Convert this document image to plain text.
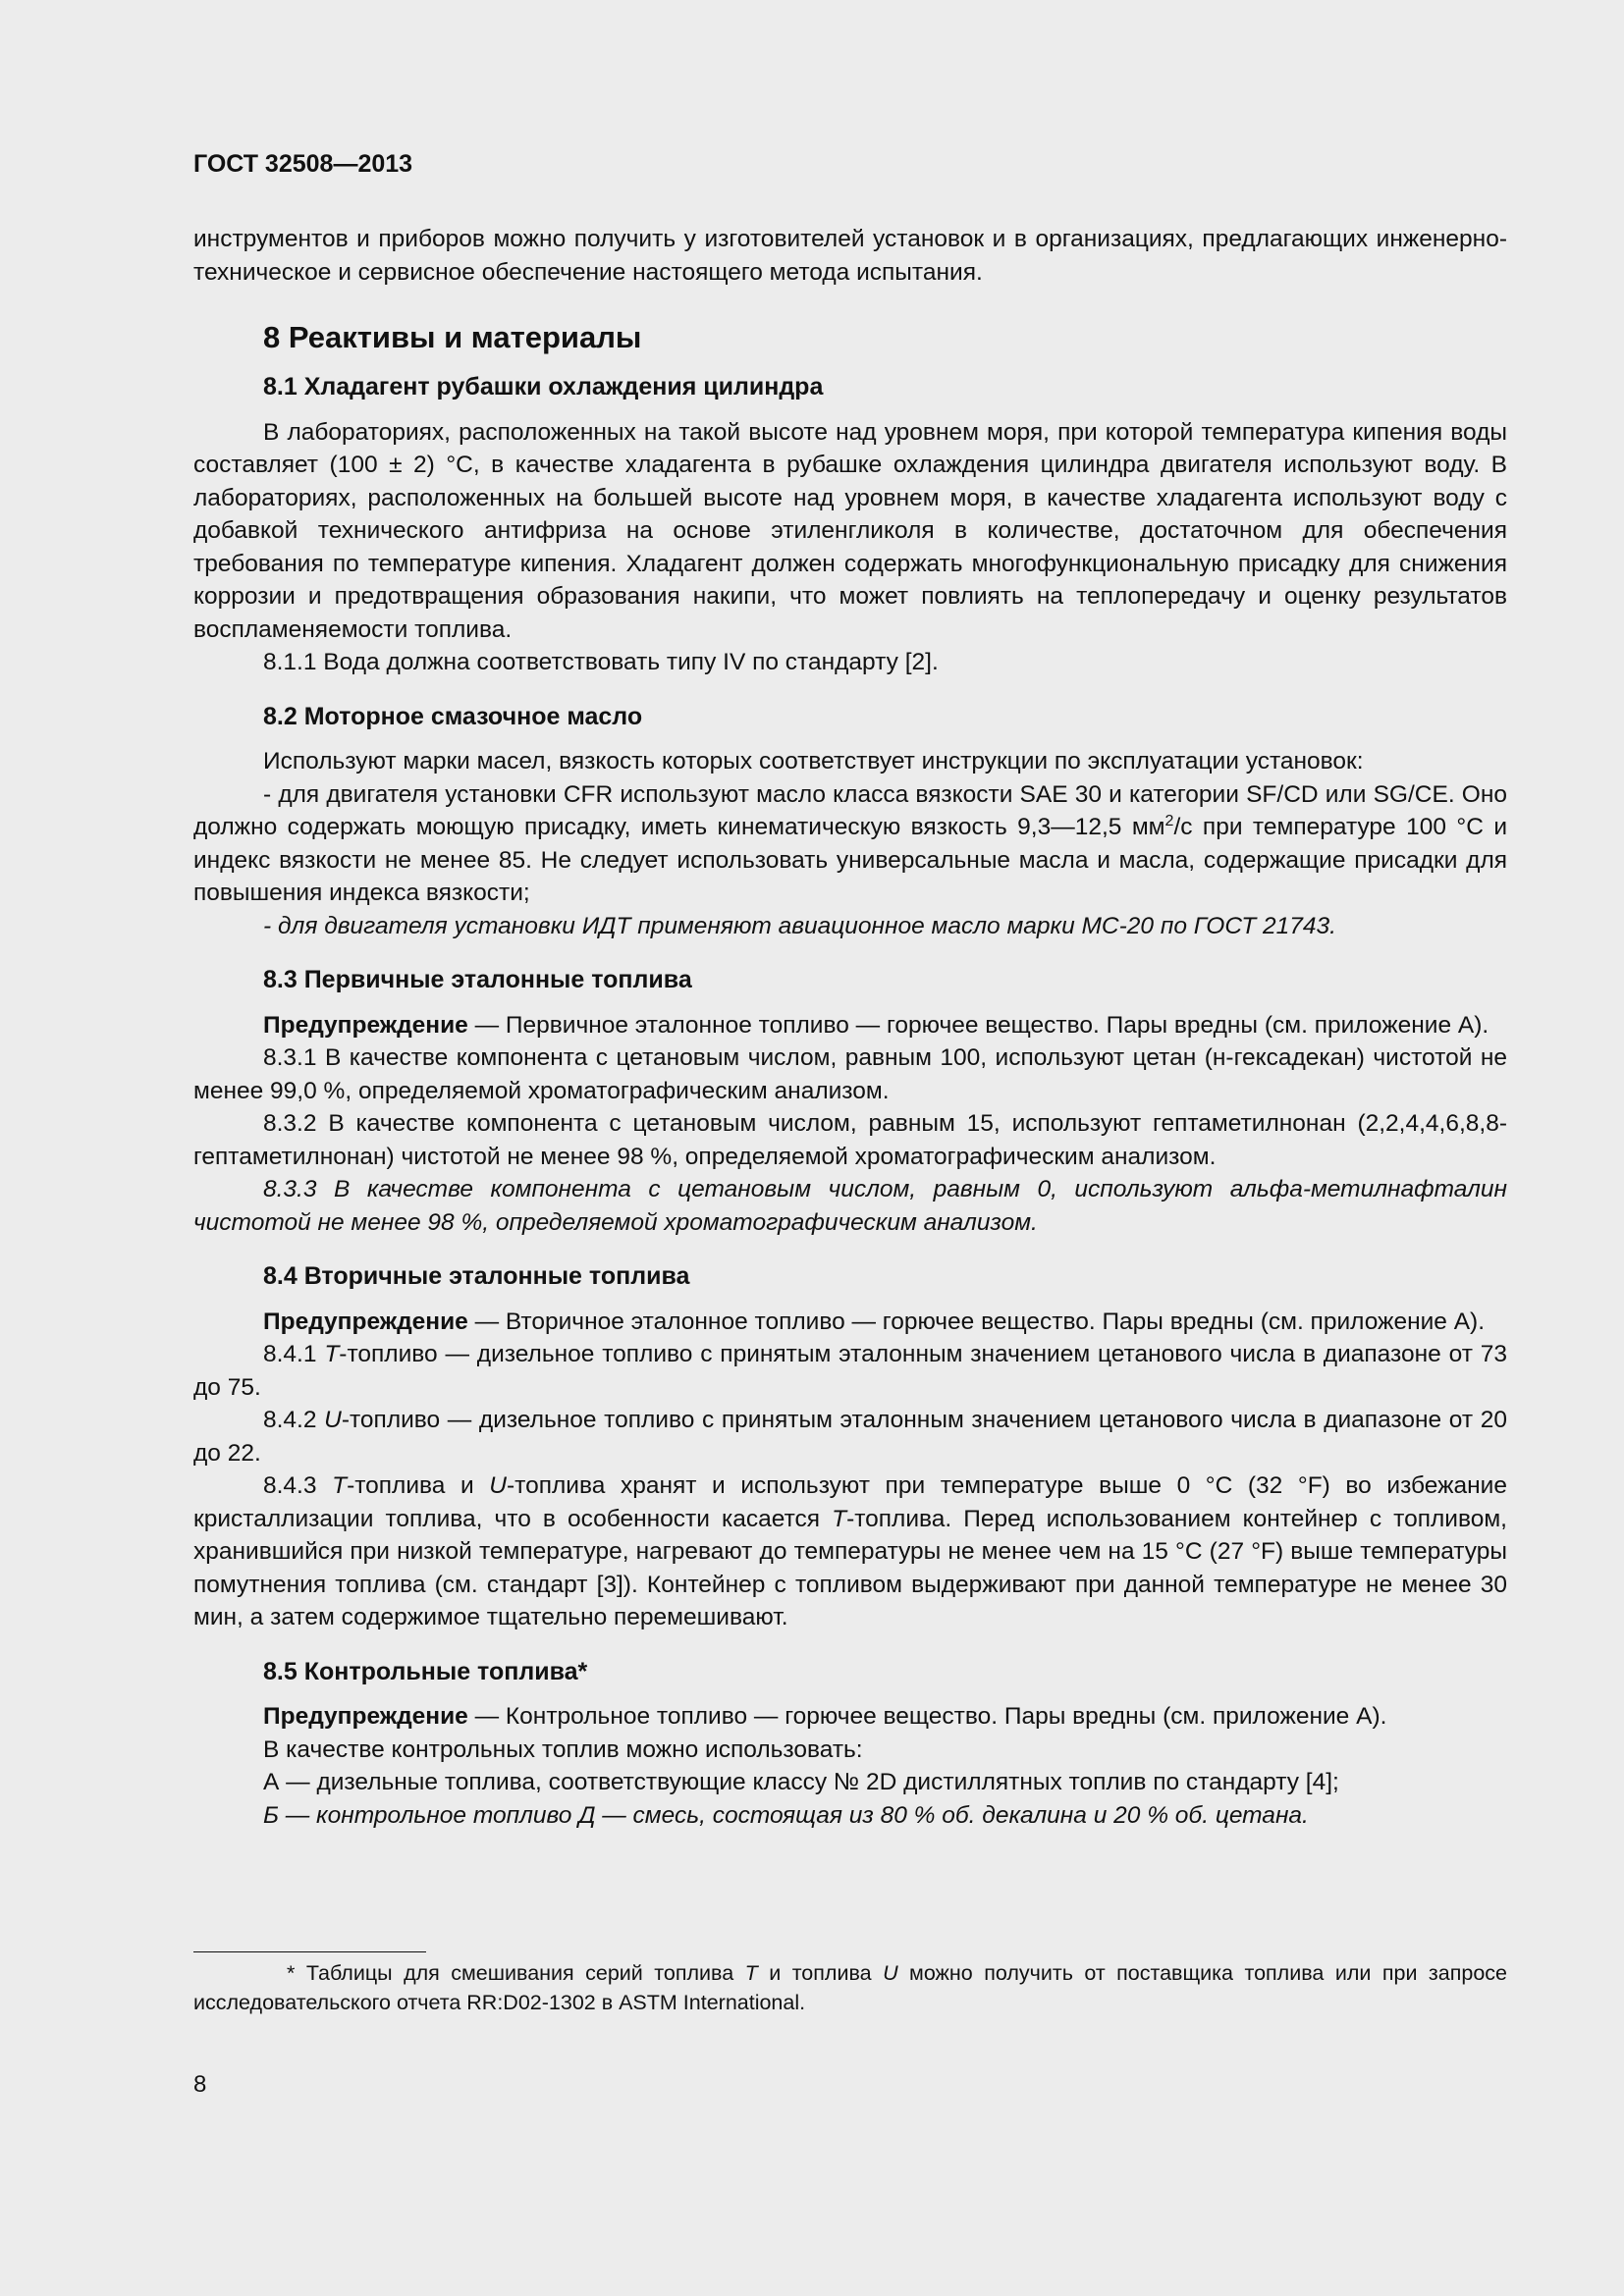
ГОСТ 32508—2013

инструментов и приборов можно получить у изготовителей установок и в организациях, предлагающих инженерно-техническое и сервисное обеспечение настоящего метода испытания.

8 Реактивы и материалы
8.1 Хладагент рубашки охлаждения цилиндра

В лабораториях, расположенных на такой высоте над уровнем моря, при которой температура кипения воды составляет (100 ± 2) °С, в качестве хладагента в рубашке охлаждения цилиндра двигателя используют воду. В лабораториях, расположенных на большей высоте над уровнем моря, в качестве хладагента используют воду с добавкой технического антифриза на основе этиленгликоля в количестве, достаточном для обеспечения требования по температуре кипения. Хладагент должен содержать многофункциональную присадку для снижения коррозии и предотвращения образования накипи, что может повлиять на теплопередачу и оценку результатов воспламеняемости топлива.

8.1.1 Вода должна соответствовать типу IV по стандарту [2].

8.2 Моторное смазочное масло

Используют марки масел, вязкость которых соответствует инструкции по эксплуатации установок:

- для двигателя установки CFR используют масло класса вязкости SAE 30 и категории SF/CD или SG/CE. Оно должно содержать моющую присадку, иметь кинематическую вязкость 9,3—12,5 $мм^2/с$ при температуре 100 °С и индекс вязкости не менее 85. Не следует использовать универсальные масла и масла, содержащие присадки для повышения индекса вязкости;

- для двигателя установки ИДТ применяют авиационное масло марки МС-20 по ГОСТ 21743.

8.3 Первичные эталонные топлива

Предупреждение — Первичное эталонное топливо — горючее вещество. Пары вредны (см. приложение А).

8.3.1 В качестве компонента с цетановым числом, равным 100, используют цетан (н-гексадекан) чистотой не менее 99,0 %, определяемой хроматографическим анализом.

8.3.2 В качестве компонента с цетановым числом, равным 15, используют гептаметилнонан (2,2,4,4,6,8,8-гептаметилнонан) чистотой не менее 98 %, определяемой хроматографическим анализом.

8.3.3 В качестве компонента с цетановым числом, равным 0, используют альфа-метилнафталин чистотой не менее 98 %, определяемой хроматографическим анализом.

8.4 Вторичные эталонные топлива

Предупреждение — Вторичное эталонное топливо — горючее вещество. Пары вредны (см. приложение А).

8.4.1 Т-топливо — дизельное топливо с принятым эталонным значением цетанового числа в диапазоне от 73 до 75.

8.4.2 U-топливо — дизельное топливо с принятым эталонным значением цетанового числа в диапазоне от 20 до 22.

8.4.3 Т-топлива и U-топлива хранят и используют при температуре выше 0 °С (32 °F) во избежание кристаллизации топлива, что в особенности касается Т-топлива. Перед использованием контейнер с топливом, хранившийся при низкой температуре, нагревают до температуры не менее чем на 15 °С (27 °F) выше температуры помутнения топлива (см. стандарт [3]). Контейнер с топливом выдерживают при данной температуре не менее 30 мин, а затем содержимое тщательно перемешивают.

8.5 Контрольные топлива*

Предупреждение — Контрольное топливо — горючее вещество. Пары вредны (см. приложение А).

В качестве контрольных топлив можно использовать:

А — дизельные топлива, соответствующие классу № 2D дистиллятных топлив по стандарту [4];

Б — контрольное топливо Д — смесь, состоящая из 80 % об. декалина и 20 % об. цетана.

* Таблицы для смешивания серий топлива Т и топлива U можно получить от поставщика топлива или при запросе исследовательского отчета RR:D02-1302 в ASTM International.

8
